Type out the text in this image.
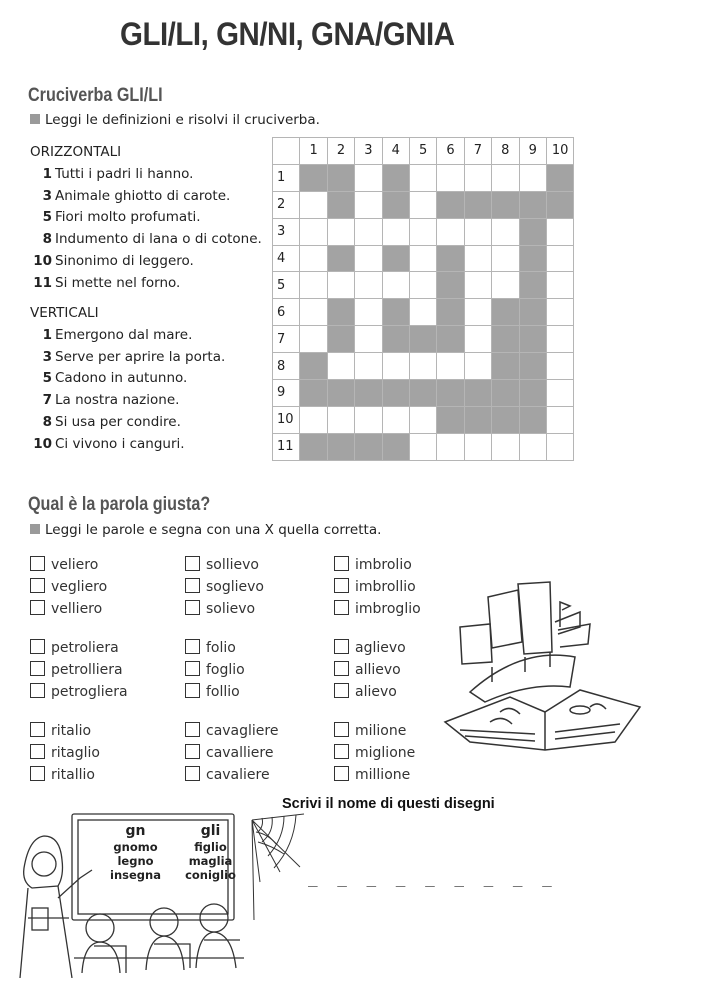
GLI/LI, GN/NI, GNA/GNIA
Cruciverba GLI/LI
Leggi le definizioni e risolvi il cruciverba.
ORIZZONTALI
1 Tutti i padri li hanno.
3 Animale ghiotto di carote.
5 Fiori molto profumati.
8 Indumento di lana o di cotone.
10 Sinonimo di leggero.
11 Si mette nel forno.
VERTICALI
1 Emergono dal mare.
3 Serve per aprire la porta.
5 Cadono in autunno.
7 La nostra nazione.
8 Si usa per condire.
10 Ci vivono i canguri.
	1	2	3	4	5	6	7	8	9	10
1										
2										
3										
4										
5										
6										
7										
8										
9										
10										
11										
Qual è la parola giusta?
Leggi le parole e segna con una X quella corretta.
veliero
vegliero
velliero
sollievo
soglievo
solievo
imbrolio
imbrollio
imbroglio
petroliera
petrolliera
petrogliera
folio
foglio
follio
aglievo
allievo
alievo
ritalio
ritaglio
ritallio
cavagliere
cavalliere
cavaliere
milione
miglione
millione
gn
gnomo
legno
insegna
gli
figlio
maglia
coniglio
Scrivi il nome di questi disegni
_ _ _ _ _ _ _ _ _
